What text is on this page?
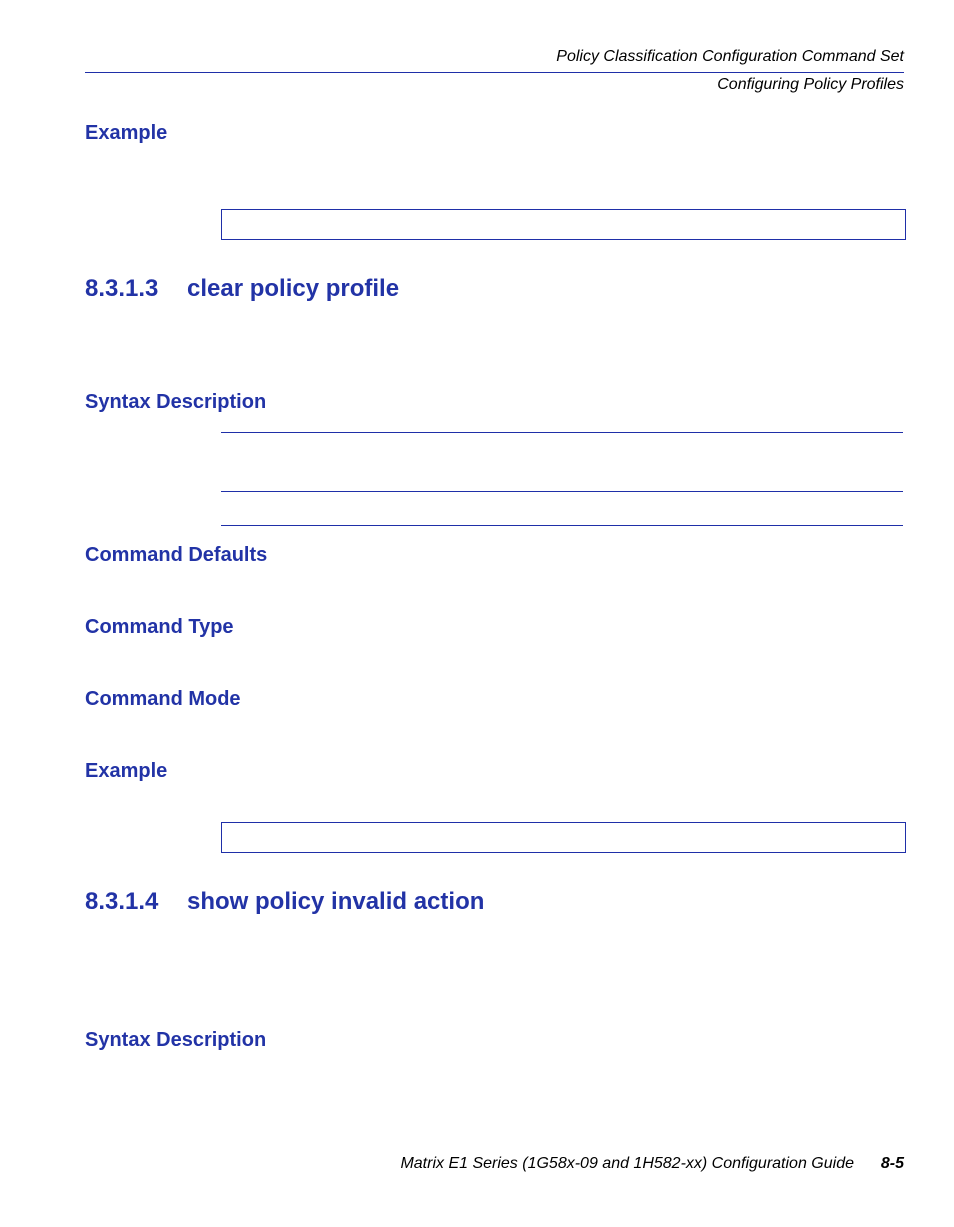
Policy Classification Configuration Command Set
Configuring Policy Profiles
Example
8.3.1.3 clear policy profile
Syntax Description
Command Defaults
Command Type
Command Mode
Example
8.3.1.4 show policy invalid action
Syntax Description
Matrix E1 Series (1G58x-09 and 1H582-xx) Configuration Guide 8-5
